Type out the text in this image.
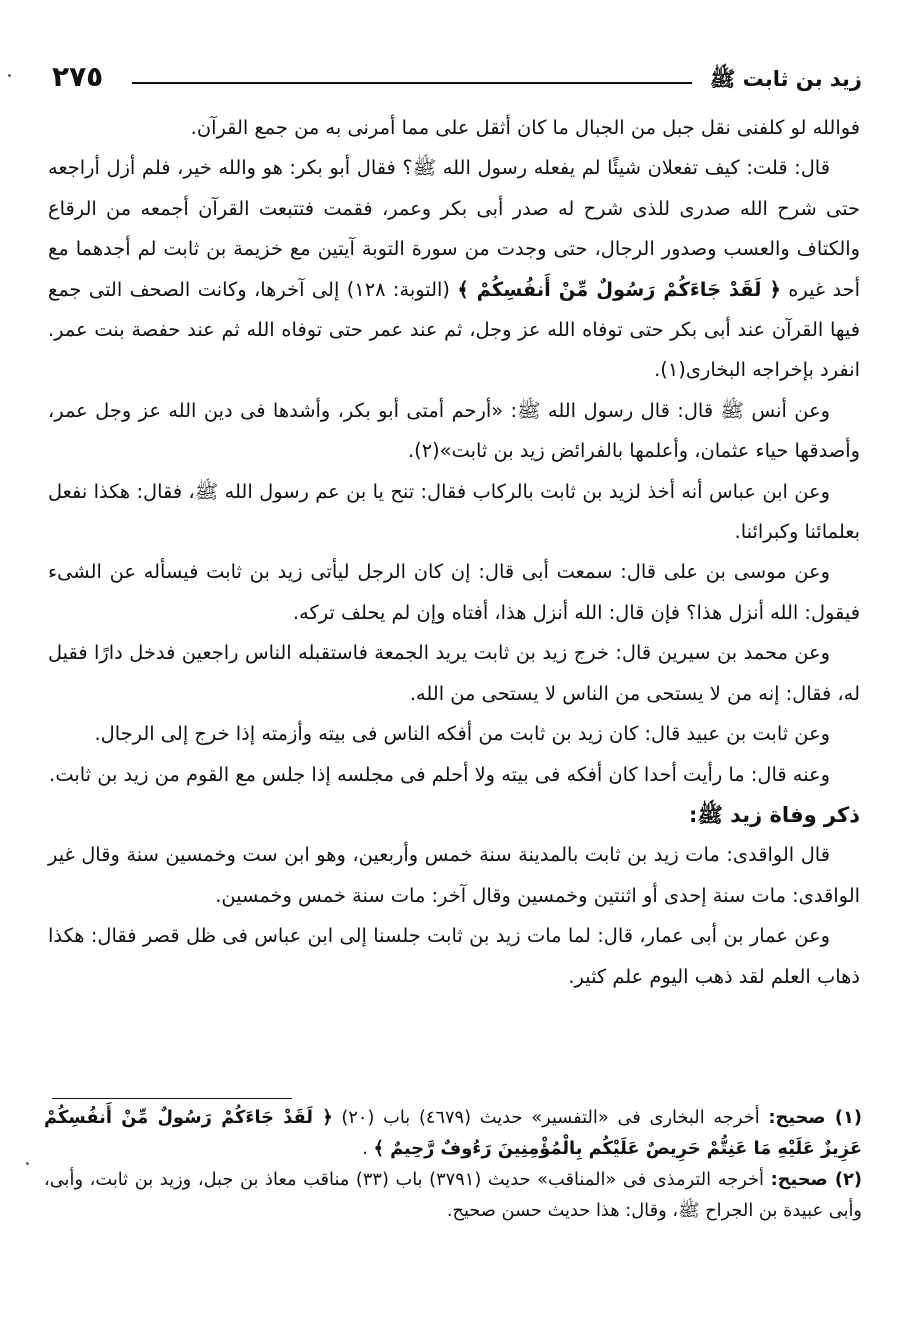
زيد بن ثابت ﷺ
٢٧٥

فوالله لو كلفنى نقل جبل من الجبال ما كان أثقل على مما أمرنى به من جمع القرآن.

قال: قلت: كيف تفعلان شيئًا لم يفعله رسول الله ﷺ؟ فقال أبو بكر: هو والله خير، فلم أزل أراجعه حتى شرح الله صدرى للذى شرح له صدر أبى بكر وعمر، فقمت فتتبعت القرآن أجمعه من الرقاع والكتاف والعسب وصدور الرجال، حتى وجدت من سورة التوبة آيتين مع خزيمة بن ثابت لم أجدهما مع أحد غيره ﴿ لَقَدْ جَاءَكُمْ رَسُولٌ مِّنْ أَنفُسِكُمْ ﴾ (التوبة: ١٢٨) إلى آخرها، وكانت الصحف التى جمع فيها القرآن عند أبى بكر حتى توفاه الله عز وجل، ثم عند عمر حتى توفاه الله ثم عند حفصة بنت عمر. انفرد بإخراجه البخارى(١).

وعن أنس ﷺ قال: قال رسول الله ﷺ: «أرحم أمتى أبو بكر، وأشدها فى دين الله عز وجل عمر، وأصدقها حياء عثمان، وأعلمها بالفرائض زيد بن ثابت»(٢).

وعن ابن عباس أنه أخذ لزيد بن ثابت بالركاب فقال: تنح يا بن عم رسول الله ﷺ، فقال: هكذا نفعل بعلمائنا وكبرائنا.

وعن موسى بن على قال: سمعت أبى قال: إن كان الرجل ليأتى زيد بن ثابت فيسأله عن الشىء فيقول: الله أنزل هذا؟ فإن قال: الله أنزل هذا، أفتاه وإن لم يحلف تركه.

وعن محمد بن سيرين قال: خرج زيد بن ثابت يريد الجمعة فاستقبله الناس راجعين فدخل دارًا فقيل له، فقال: إنه من لا يستحى من الناس لا يستحى من الله.

وعن ثابت بن عبيد قال: كان زيد بن ثابت من أفكه الناس فى بيته وأزمته إذا خرج إلى الرجال.

وعنه قال: ما رأيت أحدا كان أفكه فى بيته ولا أحلم فى مجلسه إذا جلس مع القوم من زيد بن ثابت.

ذكر وفاة زيد ﷺ:

قال الواقدى: مات زيد بن ثابت بالمدينة سنة خمس وأربعين، وهو ابن ست وخمسين سنة وقال غير الواقدى: مات سنة إحدى أو اثنتين وخمسين وقال آخر: مات سنة خمس وخمسين.

وعن عمار بن أبى عمار، قال: لما مات زيد بن ثابت جلسنا إلى ابن عباس فى ظل قصر فقال: هكذا ذهاب العلم لقد ذهب اليوم علم كثير.

(١) صحيح: أخرجه البخارى فى «التفسير» حديث (٤٦٧٩) باب (٢٠) ﴿ لَقَدْ جَاءَكُمْ رَسُولٌ مِّنْ أَنفُسِكُمْ عَزِيزٌ عَلَيْهِ مَا عَنِتُّمْ حَرِيصٌ عَلَيْكُم بِالْمُؤْمِنِينَ رَءُوفٌ رَّحِيمٌ ﴾ .

(٢) صحيح: أخرجه الترمذى فى «المناقب» حديث (٣٧٩١) باب (٣٣) مناقب معاذ بن جبل، وزيد بن ثابت، وأبى، وأبى عبيدة بن الجراح ﷺ، وقال: هذا حديث حسن صحيح.
